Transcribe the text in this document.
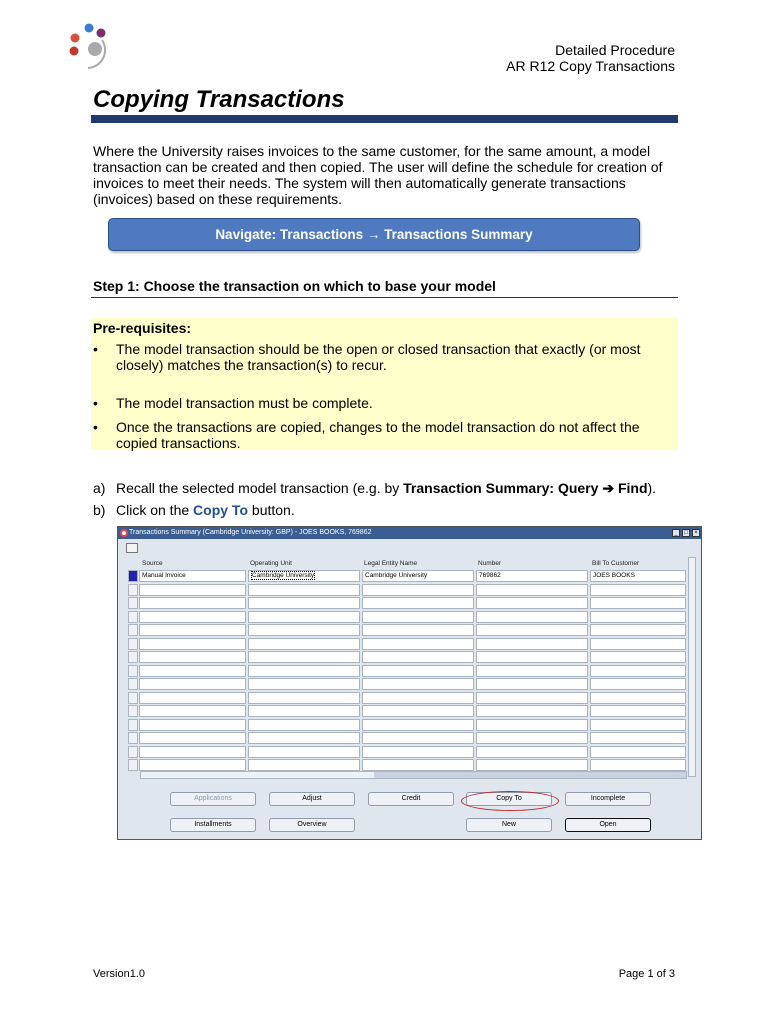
Detailed Procedure
AR R12 Copy Transactions
Copying Transactions
Where the University raises invoices to the same customer, for the same amount, a model transaction can be created and then copied. The user will define the schedule for creation of invoices to meet their needs. The system will then automatically generate transactions (invoices) based on these requirements.
Navigate: Transactions → Transactions Summary
Step 1: Choose the transaction on which to base your model
Pre-requisites:
• The model transaction should be the open or closed transaction that exactly (or most closely) matches the transaction(s) to recur.
• The model transaction must be complete.
• Once the transactions are copied, changes to the model transaction do not affect the copied transactions.
a) Recall the selected model transaction (e.g. by Transaction Summary: Query ➔ Find).
b) Click on the Copy To button.
Transactions Summary (Cambridge University: GBP) - JOES BOOKS, 769862	_	□	×
Source	Operating Unit	Legal Entity Name	Number	Bill To Customer
Manual Invoice	Cambridge University	Cambridge University	769862	JOES BOOKS
Applications	Adjust	Credit	Copy To	Incomplete
Installments	Overview	New	Open
Version1.0	Page 1 of 3
